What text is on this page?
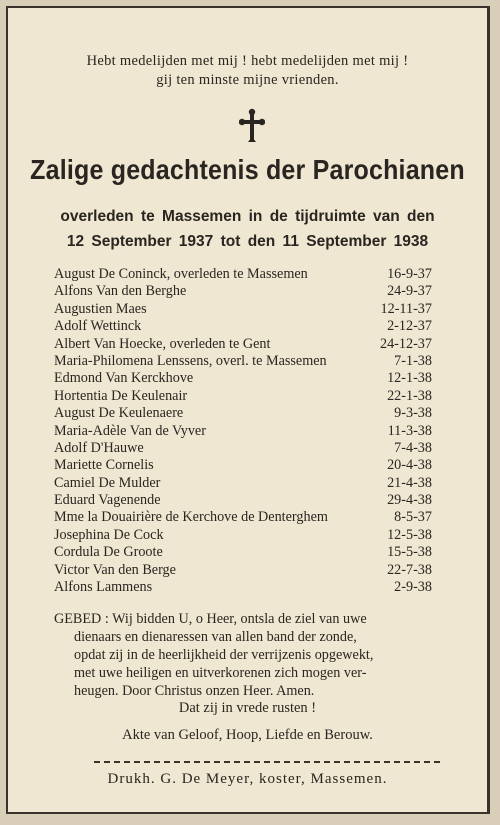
Hebt medelijden met mij ! hebt medelijden met mij !
gij ten minste mijne vrienden.
Zalige gedachtenis der Parochianen
overleden te Massemen in de tijdruimte van den
12 September 1937 tot den 11 September 1938
August De Coninck, overleden te Massemen	16-9-37
Alfons Van den Berghe	24-9-37
Augustien Maes	12-11-37
Adolf Wettinck	2-12-37
Albert Van Hoecke, overleden te Gent	24-12-37
Maria-Philomena Lenssens, overl. te Massemen	7-1-38
Edmond Van Kerckhove	12-1-38
Hortentia De Keulenair	22-1-38
August De Keulenaere	9-3-38
Maria-Adèle Van de Vyver	11-3-38
Adolf D'Hauwe	7-4-38
Mariette Cornelis	20-4-38
Camiel De Mulder	21-4-38
Eduard Vagenende	29-4-38
Mme la Douairière de Kerchove de Denterghem	8-5-37
Josephina De Cock	12-5-38
Cordula De Groote	15-5-38
Victor Van den Berge	22-7-38
Alfons Lammens	2-9-38
GEBED : Wij bidden U, o Heer, ontsla de ziel van uwe
dienaars en dienaressen van allen band der zonde,
opdat zij in de heerlijkheid der verrijzenis opgewekt,
met uwe heiligen en uitverkorenen zich mogen ver-
heugen. Door Christus onzen Heer. Amen.
Dat zij in vrede rusten !
Akte van Geloof, Hoop, Liefde en Berouw.
Drukh. G. De Meyer, koster, Massemen.
